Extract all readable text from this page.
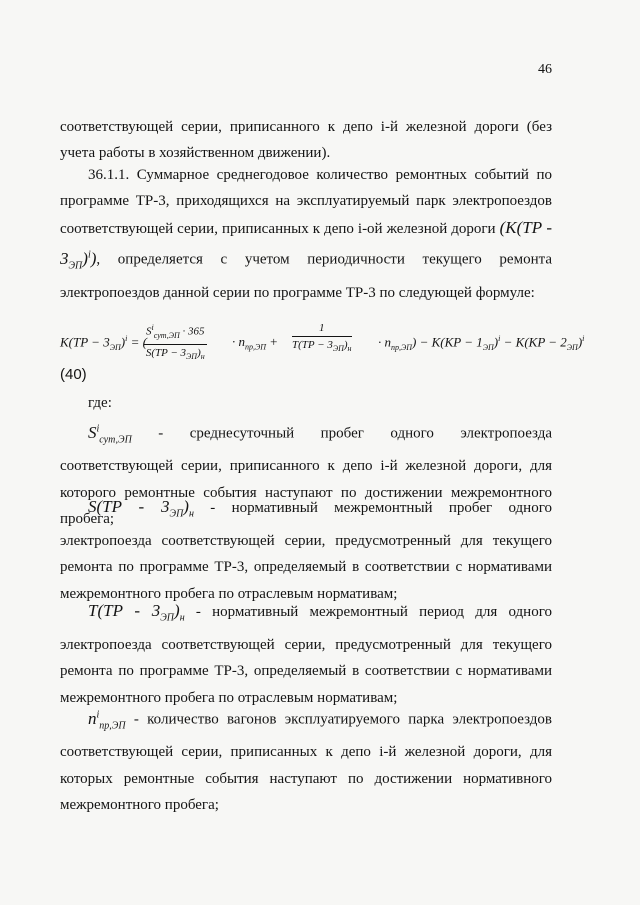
46

соответствующей серии, приписанного к депо i-й железной дороги (без учета работы в хозяйственном движении).

36.1.1. Суммарное среднегодовое количество ремонтных событий по программе ТР-3, приходящихся на эксплуатируемый парк электропоездов соответствующей серии, приписанных к депо i-ой железной дороги $(K(TP - 3_{ЭП})^i)$, определяется с учетом периодичности текущего ремонта электропоездов данной серии по программе ТР-3 по следующей формуле:

$K(TP - 3_{ЭП})^i$ = (
$S^i_{сут,ЭП} \cdot 365$
$S(TP - 3_{ЭП})_н$
· $n_{пр,ЭП}$ +
1
$T(TP - 3_{ЭП})_н \cdot n_{пр,ЭП}) - K(KP - 1_{ЭП})^i - K(KP - 2_{ЭП})^i$
(40)

где:

$S^i_{сут,ЭП}$ - среднесуточный пробег одного электропоезда соответствующей серии, приписанного к депо i-й железной дороги, для которого ремонтные события наступают по достижении межремонтного пробега;

$S(TP - 3_{ЭП})_н$ - нормативный межремонтный пробег одного электропоезда соответствующей серии, предусмотренный для текущего ремонта по программе ТР-3, определяемый в соответствии с нормативами межремонтного пробега по отраслевым нормативам;

$T(TP - 3_{ЭП})_н$ - нормативный межремонтный период для одного электропоезда соответствующей серии, предусмотренный для текущего ремонта по программе ТР-3, определяемый в соответствии с нормативами межремонтного пробега по отраслевым нормативам;

$n^i_{пр,ЭП}$ - количество вагонов эксплуатируемого парка электропоездов соответствующей серии, приписанных к депо i-й железной дороги, для которых ремонтные события наступают по достижении нормативного межремонтного пробега;
